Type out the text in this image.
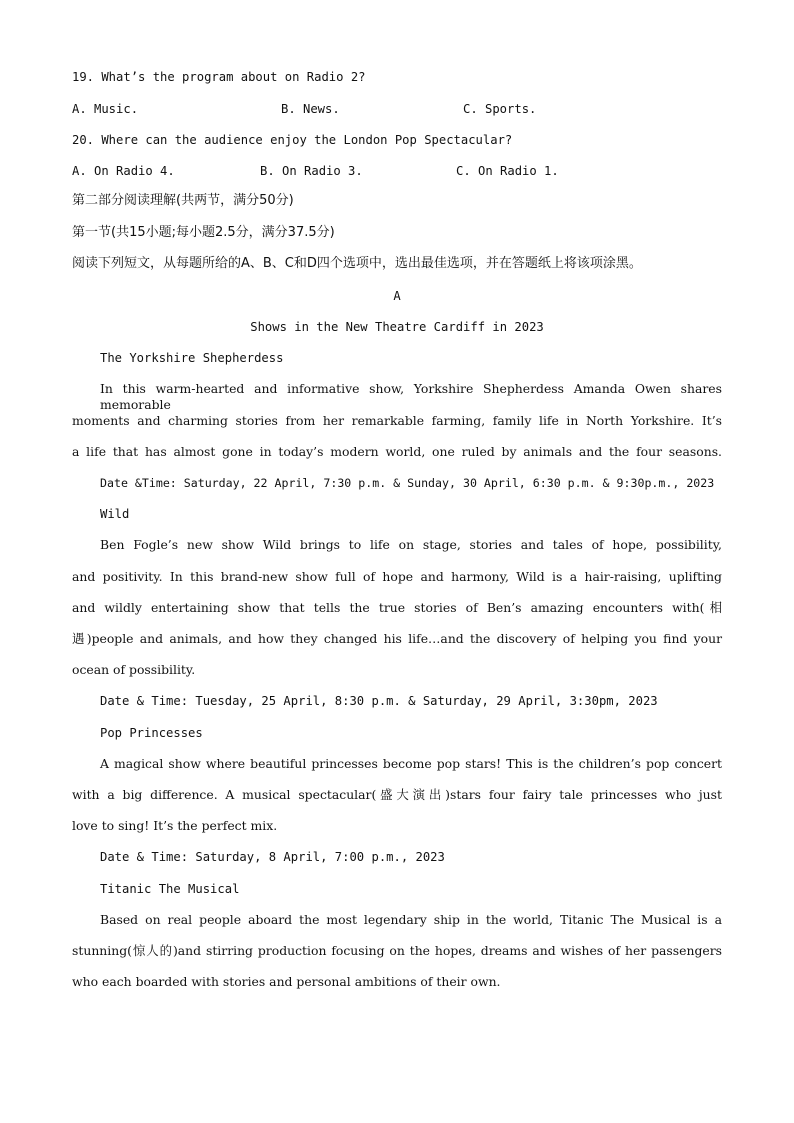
19. What’s the program about on Radio 2?
A. Music.	B. News.	C. Sports.
20. Where can the audience enjoy the London Pop Spectacular?
A. On Radio 4.	B. On Radio 3.	C. On Radio 1.
第二部分阅读理解(共两节，满分50分)
第一节(共15小题;每小题2.5分，满分37.5分)
阅读下列短文，从每题所给的A、B、C和D四个选项中，选出最佳选项，并在答题纸上将该项涂黑。
A
Shows in the New Theatre Cardiff in 2023
The Yorkshire Shepherdess
In this warm-hearted and informative show, Yorkshire Shepherdess Amanda Owen shares memorable
moments and charming stories from her remarkable farming, family life in North Yorkshire. It’s
a life that has almost gone in today’s modern world, one ruled by animals and the four seasons.
Date &Time: Saturday, 22 April, 7:30 p.m. & Sunday, 30 April, 6:30 p.m. & 9:30p.m., 2023
Wild
Ben Fogle’s new show Wild brings to life on stage, stories and tales of hope, possibility,
and positivity. In this brand-new show full of hope and harmony, Wild is a hair-raising, uplifting
and wildly entertaining show that tells the true stories of Ben’s amazing encounters with(相
遇)people and animals, and how they changed his life…and the discovery of helping you find your
ocean of possibility.
Date & Time: Tuesday, 25 April, 8:30 p.m. & Saturday, 29 April, 3:30pm, 2023
Pop Princesses
A magical show where beautiful princesses become pop stars! This is the children’s pop concert
with a big difference. A musical spectacular(盛大演出)stars four fairy tale princesses who just
love to sing! It’s the perfect mix.
Date & Time: Saturday, 8 April, 7:00 p.m., 2023
Titanic The Musical
Based on real people aboard the most legendary ship in the world, Titanic The Musical is a
stunning(惊人的)and stirring production focusing on the hopes, dreams and wishes of her passengers
who each boarded with stories and personal ambitions of their own.
